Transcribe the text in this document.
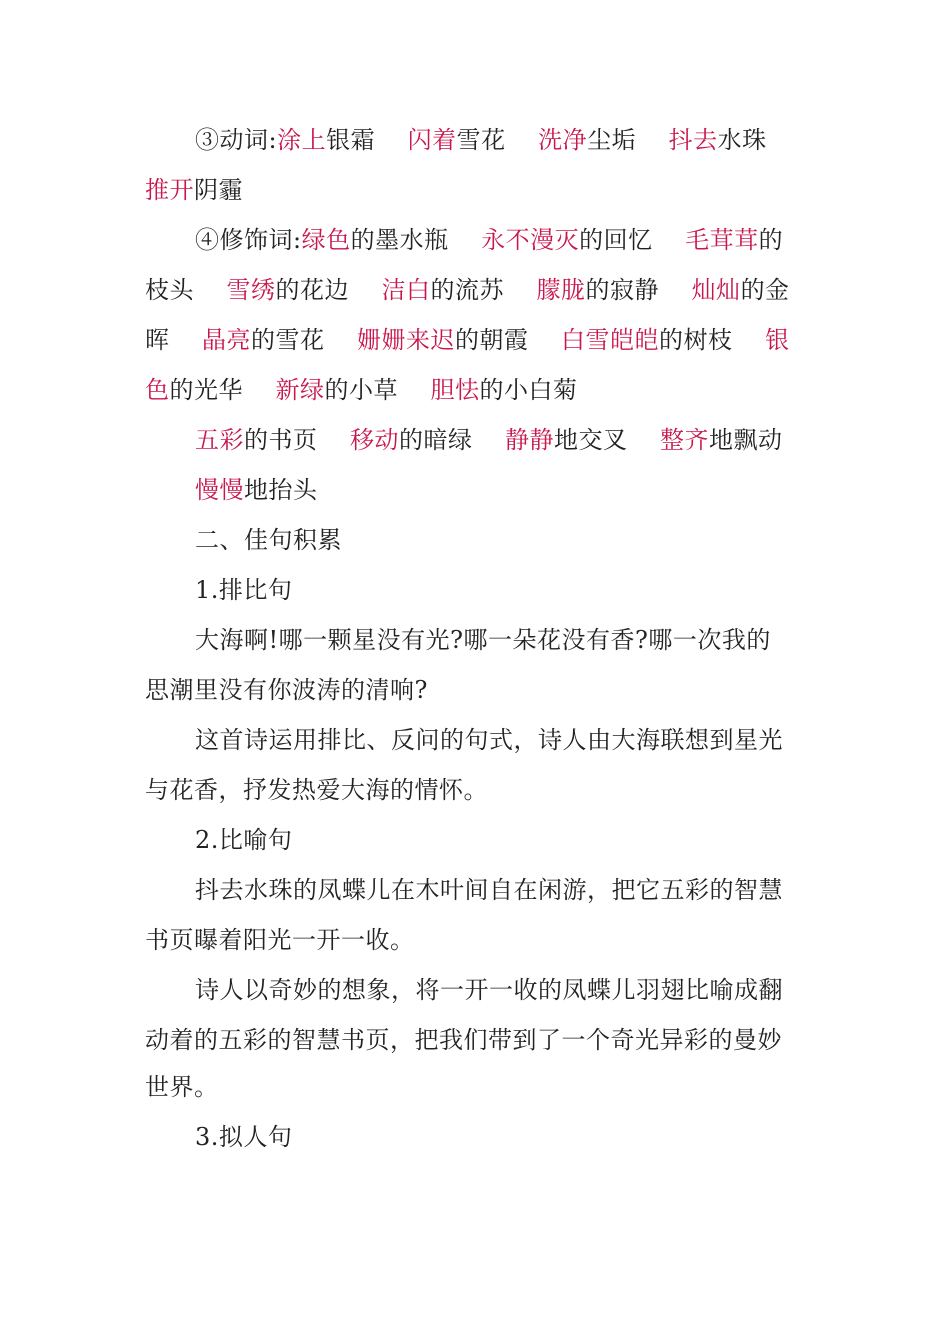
③动词:涂上银霜 闪着雪花 洗净尘垢 抖去水珠
推开阴霾
④修饰词:绿色的墨水瓶 永不漫灭的回忆 毛茸茸的
枝头 雪绣的花边 洁白的流苏 朦胧的寂静 灿灿的金
晖 晶亮的雪花 姗姗来迟的朝霞 白雪皑皑的树枝 银
色的光华 新绿的小草 胆怯的小白菊
五彩的书页 移动的暗绿 静静地交叉 整齐地飘动
慢慢地抬头
二、佳句积累
1.排比句
大海啊!哪一颗星没有光?哪一朵花没有香?哪一次我的
思潮里没有你波涛的清响?
这首诗运用排比、反问的句式，诗人由大海联想到星光
与花香，抒发热爱大海的情怀。
2.比喻句
抖去水珠的凤蝶儿在木叶间自在闲游，把它五彩的智慧
书页曝着阳光一开一收。
诗人以奇妙的想象，将一开一收的凤蝶儿羽翅比喻成翻
动着的五彩的智慧书页，把我们带到了一个奇光异彩的曼妙
世界。
3.拟人句
